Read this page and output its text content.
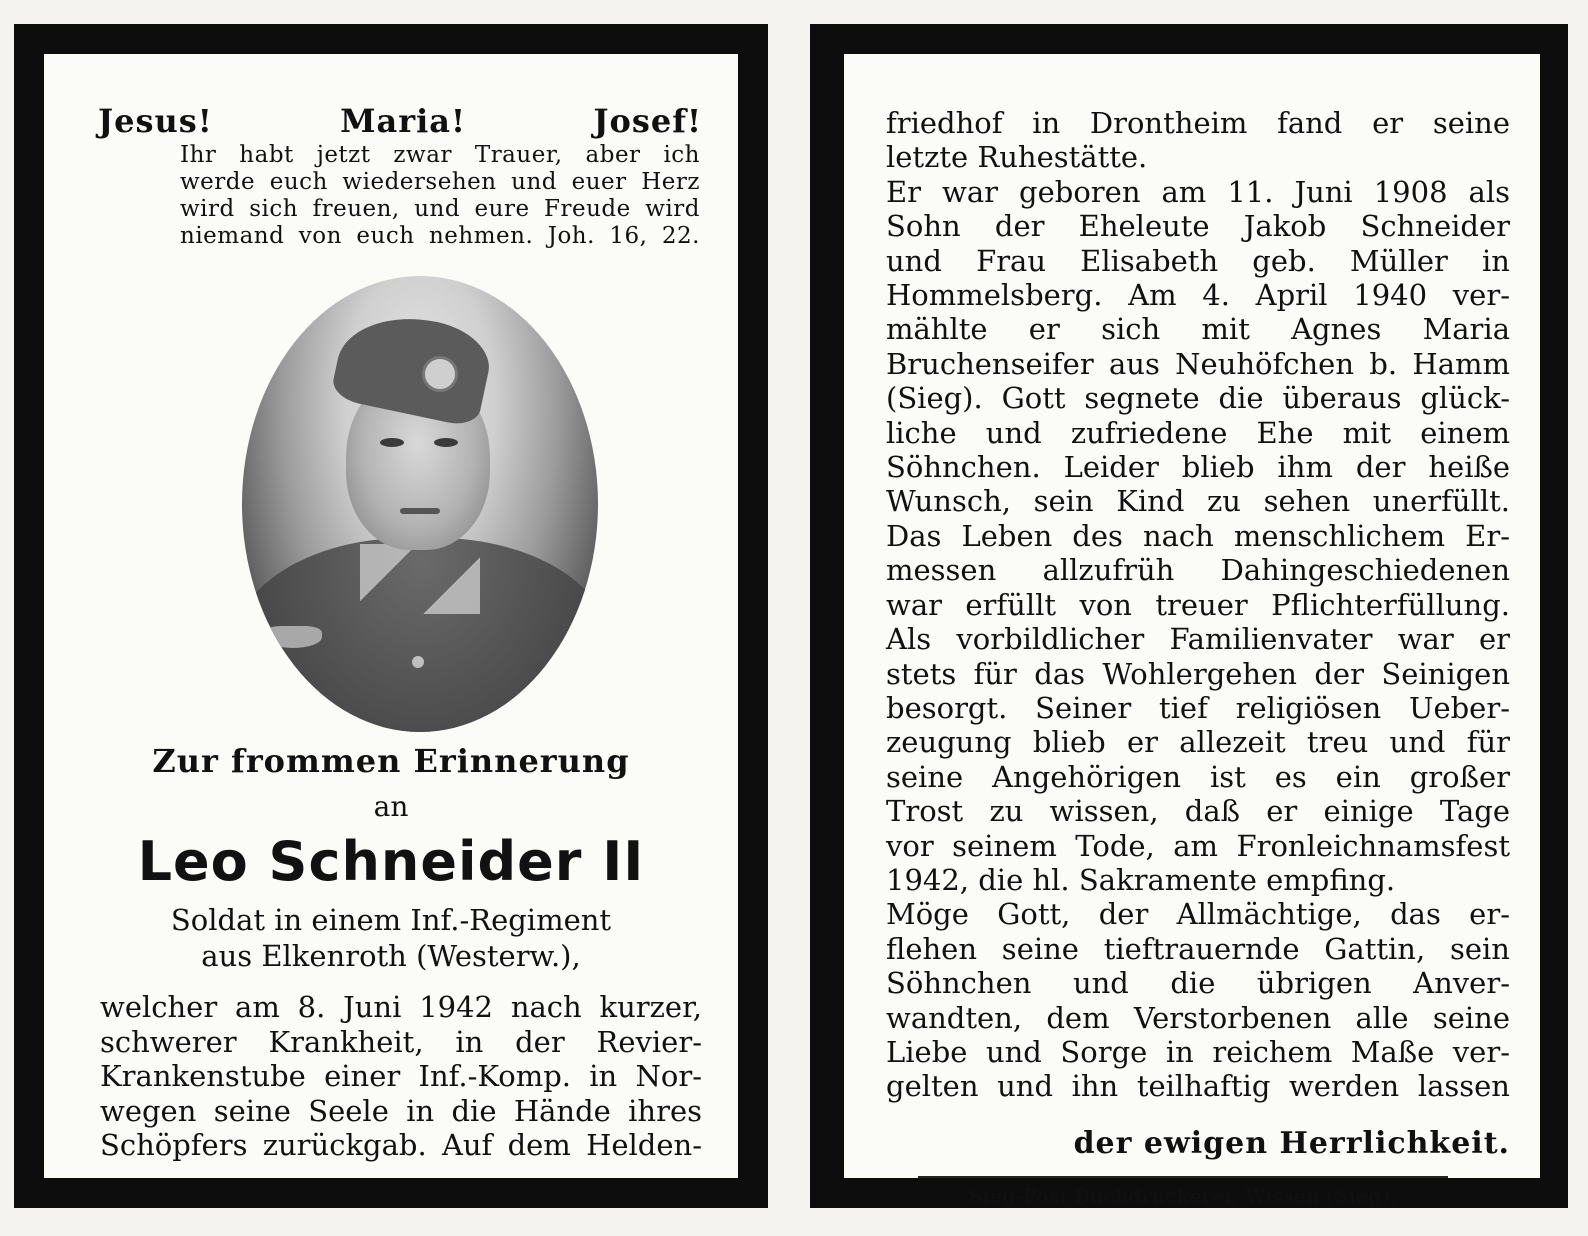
Jesus!	Maria!	Josef!
Ihr habt jetzt zwar Trauer, aber ich
werde euch wiedersehen und euer Herz
wird sich freuen, und eure Freude wird
niemand von euch nehmen. Joh. 16, 22.
Zur frommen Erinnerung
an
Leo Schneider II
Soldat in einem Inf.-Regiment
aus Elkenroth (Westerw.),
welcher am 8. Juni 1942 nach kurzer,
schwerer Krankheit, in der Revier-
Krankenstube einer Inf.-Komp. in Nor-
wegen seine Seele in die Hände ihres
Schöpfers zurückgab. Auf dem Helden-
friedhof in Drontheim fand er seine
letzte Ruhestätte.
Er war geboren am 11. Juni 1908 als
Sohn der Eheleute Jakob Schneider
und Frau Elisabeth geb. Müller in
Hommelsberg. Am 4. April 1940 ver-
mählte er sich mit Agnes Maria
Bruchenseifer aus Neuhöfchen b. Hamm
(Sieg). Gott segnete die überaus glück-
liche und zufriedene Ehe mit einem
Söhnchen. Leider blieb ihm der heiße
Wunsch, sein Kind zu sehen unerfüllt.
Das Leben des nach menschlichem Er-
messen allzufrüh Dahingeschiedenen
war erfüllt von treuer Pflichterfüllung.
Als vorbildlicher Familienvater war er
stets für das Wohlergehen der Seinigen
besorgt. Seiner tief religiösen Ueber-
zeugung blieb er allezeit treu und für
seine Angehörigen ist es ein großer
Trost zu wissen, daß er einige Tage
vor seinem Tode, am Fronleichnamsfest
1942, die hl. Sakramente empfing.
Möge Gott, der Allmächtige, das er-
flehen seine tieftrauernde Gattin, sein
Söhnchen und die übrigen Anver-
wandten, dem Verstorbenen alle seine
Liebe und Sorge in reichem Maße ver-
gelten und ihn teilhaftig werden lassen
der ewigen Herrlichkeit.
Sieg-Post Buchdruckerei, Wissen (Sieg).
